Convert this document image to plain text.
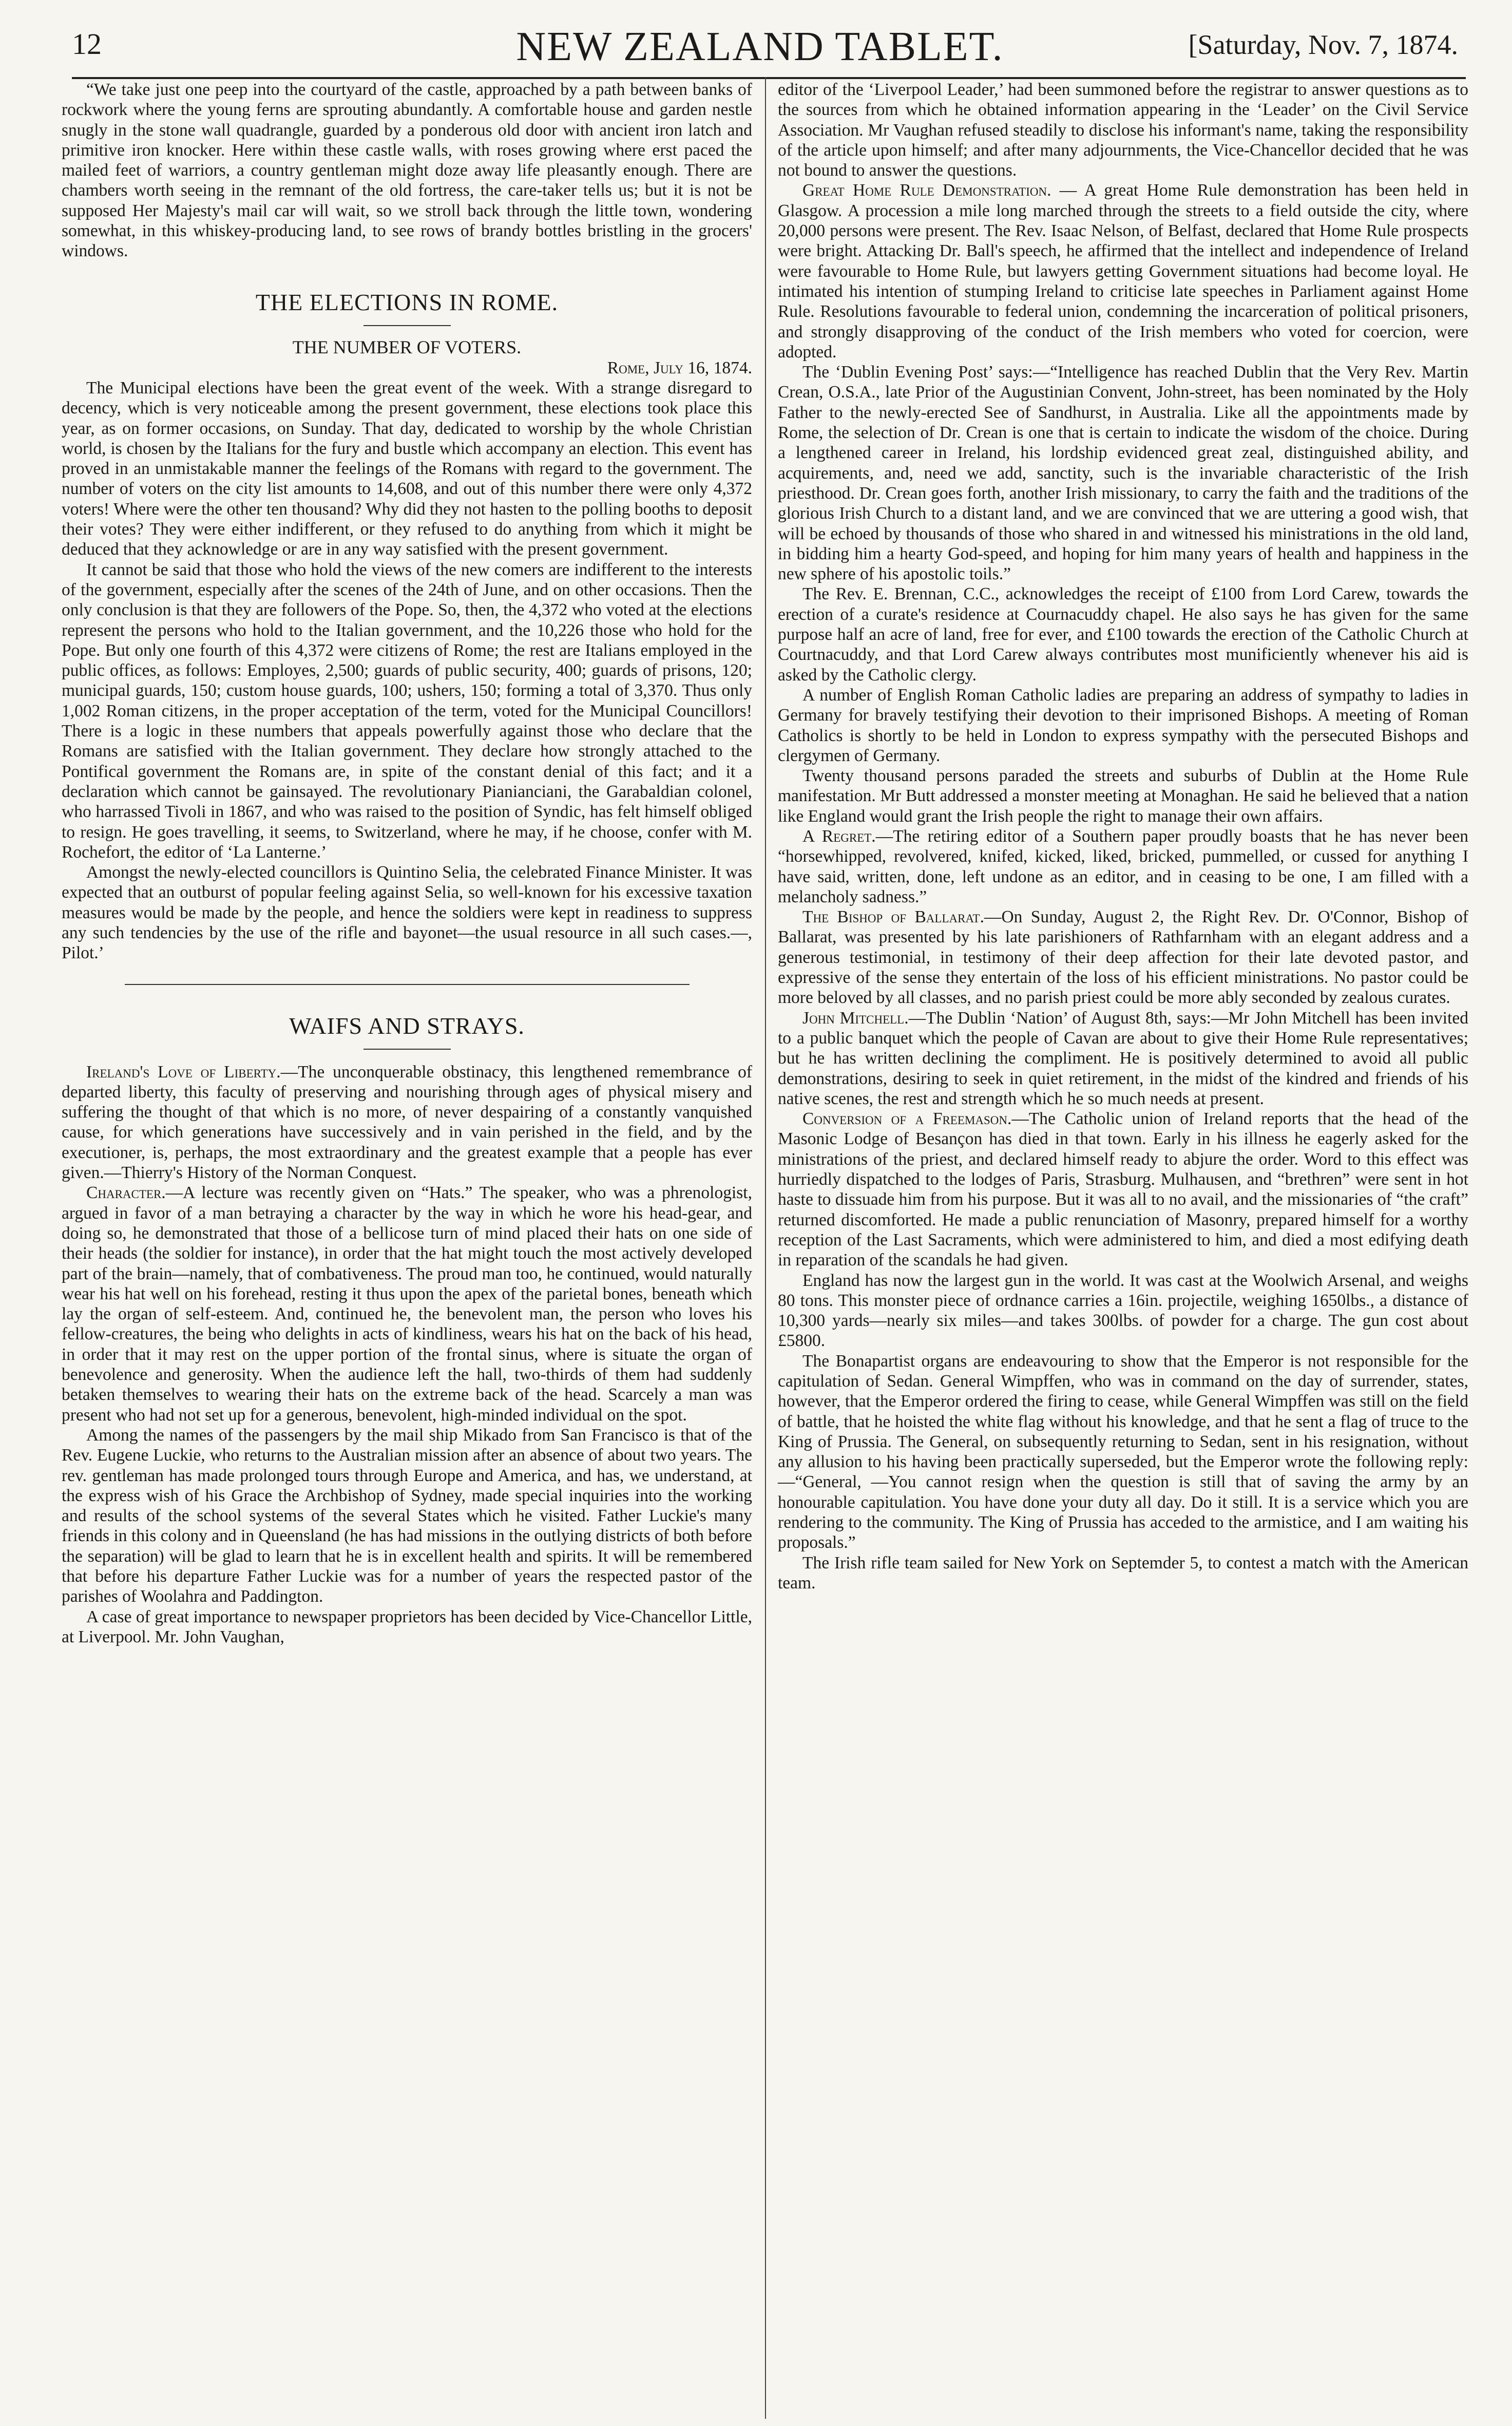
12	NEW ZEALAND TABLET.	[Saturday, Nov. 7, 1874.

“We take just one peep into the courtyard of the castle, approached by a path between banks of rockwork where the young ferns are sprouting abundantly. A comfortable house and garden nestle snugly in the stone wall quadrangle, guarded by a ponderous old door with ancient iron latch and primitive iron knocker. Here within these castle walls, with roses growing where erst paced the mailed feet of warriors, a country gentleman might doze away life pleasantly enough. There are chambers worth seeing in the remnant of the old fortress, the care-taker tells us; but it is not be supposed Her Majesty's mail car will wait, so we stroll back through the little town, wondering somewhat, in this whiskey-producing land, to see rows of brandy bottles bristling in the grocers' windows.

THE ELECTIONS IN ROME.
THE NUMBER OF VOTERS.

Rome, July 16, 1874.

The Municipal elections have been the great event of the week. With a strange disregard to decency, which is very noticeable among the present government, these elections took place this year, as on former occasions, on Sunday. That day, dedicated to worship by the whole Christian world, is chosen by the Italians for the fury and bustle which accompany an election. This event has proved in an unmistakable manner the feelings of the Romans with regard to the government. The number of voters on the city list amounts to 14,608, and out of this number there were only 4,372 voters! Where were the other ten thousand? Why did they not hasten to the polling booths to deposit their votes? They were either indifferent, or they refused to do anything from which it might be deduced that they acknowledge or are in any way satisfied with the present government.

It cannot be said that those who hold the views of the new comers are indifferent to the interests of the government, especially after the scenes of the 24th of June, and on other occasions. Then the only conclusion is that they are followers of the Pope. So, then, the 4,372 who voted at the elections represent the persons who hold to the Italian government, and the 10,226 those who hold for the Pope. But only one fourth of this 4,372 were citizens of Rome; the rest are Italians employed in the public offices, as follows: Employes, 2,500; guards of public security, 400; guards of prisons, 120; municipal guards, 150; custom house guards, 100; ushers, 150; forming a total of 3,370. Thus only 1,002 Roman citizens, in the proper acceptation of the term, voted for the Municipal Councillors! There is a logic in these numbers that appeals powerfully against those who declare that the Romans are satisfied with the Italian government. They declare how strongly attached to the Pontifical government the Romans are, in spite of the constant denial of this fact; and it a declaration which cannot be gainsayed. The revolutionary Pianianciani, the Garabaldian colonel, who harrassed Tivoli in 1867, and who was raised to the position of Syndic, has felt himself obliged to resign. He goes travelling, it seems, to Switzerland, where he may, if he choose, confer with M. Rochefort, the editor of ‘La Lanterne.’

Amongst the newly-elected councillors is Quintino Selia, the celebrated Finance Minister. It was expected that an outburst of popular feeling against Selia, so well-known for his excessive taxation measures would be made by the people, and hence the soldiers were kept in readiness to suppress any such tendencies by the use of the rifle and bayonet—the usual resource in all such cases.—, Pilot.’

WAIFS AND STRAYS.

Ireland's Love of Liberty.—The unconquerable obstinacy, this lengthened remembrance of departed liberty, this faculty of preserving and nourishing through ages of physical misery and suffering the thought of that which is no more, of never despairing of a constantly vanquished cause, for which generations have successively and in vain perished in the field, and by the executioner, is, perhaps, the most extraordinary and the greatest example that a people has ever given.—Thierry's History of the Norman Conquest.

Character.—A lecture was recently given on “Hats.” The speaker, who was a phrenologist, argued in favor of a man betraying a character by the way in which he wore his head-gear, and doing so, he demonstrated that those of a bellicose turn of mind placed their hats on one side of their heads (the soldier for instance), in order that the hat might touch the most actively developed part of the brain—namely, that of combativeness. The proud man too, he continued, would naturally wear his hat well on his forehead, resting it thus upon the apex of the parietal bones, beneath which lay the organ of self-esteem. And, continued he, the benevolent man, the person who loves his fellow-creatures, the being who delights in acts of kindliness, wears his hat on the back of his head, in order that it may rest on the upper portion of the frontal sinus, where is situate the organ of benevolence and generosity. When the audience left the hall, two-thirds of them had suddenly betaken themselves to wearing their hats on the extreme back of the head. Scarcely a man was present who had not set up for a generous, benevolent, high-minded individual on the spot.

Among the names of the passengers by the mail ship Mikado from San Francisco is that of the Rev. Eugene Luckie, who returns to the Australian mission after an absence of about two years. The rev. gentleman has made prolonged tours through Europe and America, and has, we understand, at the express wish of his Grace the Archbishop of Sydney, made special inquiries into the working and results of the school systems of the several States which he visited. Father Luckie's many friends in this colony and in Queensland (he has had missions in the outlying districts of both before the separation) will be glad to learn that he is in excellent health and spirits. It will be remembered that before his departure Father Luckie was for a number of years the respected pastor of the parishes of Woolahra and Paddington.

A case of great importance to newspaper proprietors has been decided by Vice-Chancellor Little, at Liverpool. Mr. John Vaughan,

editor of the ‘Liverpool Leader,’ had been summoned before the registrar to answer questions as to the sources from which he obtained information appearing in the ‘Leader’ on the Civil Service Association. Mr Vaughan refused steadily to disclose his informant's name, taking the responsibility of the article upon himself; and after many adjournments, the Vice-Chancellor decided that he was not bound to answer the questions.

Great Home Rule Demonstration. — A great Home Rule demonstration has been held in Glasgow. A procession a mile long marched through the streets to a field outside the city, where 20,000 persons were present. The Rev. Isaac Nelson, of Belfast, declared that Home Rule prospects were bright. Attacking Dr. Ball's speech, he affirmed that the intellect and independence of Ireland were favourable to Home Rule, but lawyers getting Government situations had become loyal. He intimated his intention of stumping Ireland to criticise late speeches in Parliament against Home Rule. Resolutions favourable to federal union, condemning the incarceration of political prisoners, and strongly disapproving of the conduct of the Irish members who voted for coercion, were adopted.

The ‘Dublin Evening Post’ says:—“Intelligence has reached Dublin that the Very Rev. Martin Crean, O.S.A., late Prior of the Augustinian Convent, John-street, has been nominated by the Holy Father to the newly-erected See of Sandhurst, in Australia. Like all the appointments made by Rome, the selection of Dr. Crean is one that is certain to indicate the wisdom of the choice. During a lengthened career in Ireland, his lordship evidenced great zeal, distinguished ability, and acquirements, and, need we add, sanctity, such is the invariable characteristic of the Irish priesthood. Dr. Crean goes forth, another Irish missionary, to carry the faith and the traditions of the glorious Irish Church to a distant land, and we are convinced that we are uttering a good wish, that will be echoed by thousands of those who shared in and witnessed his ministrations in the old land, in bidding him a hearty God-speed, and hoping for him many years of health and happiness in the new sphere of his apostolic toils.”

The Rev. E. Brennan, C.C., acknowledges the receipt of £100 from Lord Carew, towards the erection of a curate's residence at Cournacuddy chapel. He also says he has given for the same purpose half an acre of land, free for ever, and £100 towards the erection of the Catholic Church at Courtnacuddy, and that Lord Carew always contributes most munificiently whenever his aid is asked by the Catholic clergy.

A number of English Roman Catholic ladies are preparing an address of sympathy to ladies in Germany for bravely testifying their devotion to their imprisoned Bishops. A meeting of Roman Catholics is shortly to be held in London to express sympathy with the persecuted Bishops and clergymen of Germany.

Twenty thousand persons paraded the streets and suburbs of Dublin at the Home Rule manifestation. Mr Butt addressed a monster meeting at Monaghan. He said he believed that a nation like England would grant the Irish people the right to manage their own affairs.

A Regret.—The retiring editor of a Southern paper proudly boasts that he has never been “horsewhipped, revolvered, knifed, kicked, liked, bricked, pummelled, or cussed for anything I have said, written, done, left undone as an editor, and in ceasing to be one, I am filled with a melancholy sadness.”

The Bishop of Ballarat.—On Sunday, August 2, the Right Rev. Dr. O'Connor, Bishop of Ballarat, was presented by his late parishioners of Rathfarnham with an elegant address and a generous testimonial, in testimony of their deep affection for their late devoted pastor, and expressive of the sense they entertain of the loss of his efficient ministrations. No pastor could be more beloved by all classes, and no parish priest could be more ably seconded by zealous curates.

John Mitchell.—The Dublin ‘Nation’ of August 8th, says:—Mr John Mitchell has been invited to a public banquet which the people of Cavan are about to give their Home Rule representatives; but he has written declining the compliment. He is positively determined to avoid all public demonstrations, desiring to seek in quiet retirement, in the midst of the kindred and friends of his native scenes, the rest and strength which he so much needs at present.

Conversion of a Freemason.—The Catholic union of Ireland reports that the head of the Masonic Lodge of Besançon has died in that town. Early in his illness he eagerly asked for the ministrations of the priest, and declared himself ready to abjure the order. Word to this effect was hurriedly dispatched to the lodges of Paris, Strasburg. Mulhausen, and “brethren” were sent in hot haste to dissuade him from his purpose. But it was all to no avail, and the missionaries of “the craft” returned discomforted. He made a public renunciation of Masonry, prepared himself for a worthy reception of the Last Sacraments, which were administered to him, and died a most edifying death in reparation of the scandals he had given.

England has now the largest gun in the world. It was cast at the Woolwich Arsenal, and weighs 80 tons. This monster piece of ordnance carries a 16in. projectile, weighing 1650lbs., a distance of 10,300 yards—nearly six miles—and takes 300lbs. of powder for a charge. The gun cost about £5800.

The Bonapartist organs are endeavouring to show that the Emperor is not responsible for the capitulation of Sedan. General Wimpffen, who was in command on the day of surrender, states, however, that the Emperor ordered the firing to cease, while General Wimpffen was still on the field of battle, that he hoisted the white flag without his knowledge, and that he sent a flag of truce to the King of Prussia. The General, on subsequently returning to Sedan, sent in his resignation, without any allusion to his having been practically superseded, but the Emperor wrote the following reply:—“General, —You cannot resign when the question is still that of saving the army by an honourable capitulation. You have done your duty all day. Do it still. It is a service which you are rendering to the community. The King of Prussia has acceded to the armistice, and I am waiting his proposals.”

The Irish rifle team sailed for New York on Septemder 5, to contest a match with the American team.
